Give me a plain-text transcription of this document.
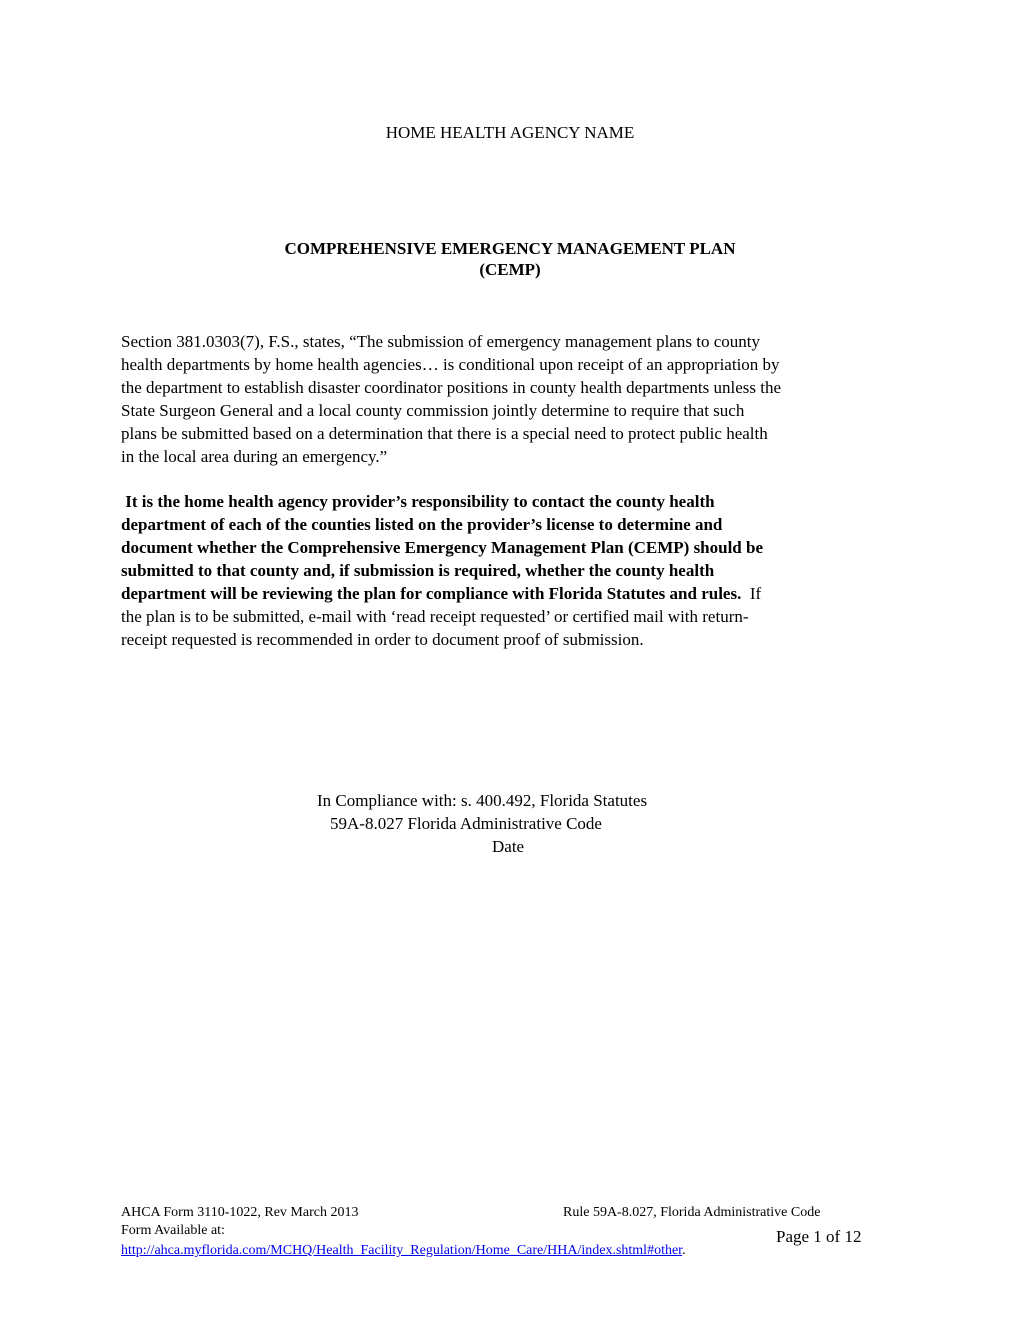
HOME HEALTH AGENCY NAME
COMPREHENSIVE EMERGENCY MANAGEMENT PLAN
(CEMP)
Section 381.0303(7), F.S., states, “The submission of emergency management plans to county
health departments by home health agencies… is conditional upon receipt of an appropriation by
the department to establish disaster coordinator positions in county health departments unless the
State Surgeon General and a local county commission jointly determine to require that such
plans be submitted based on a determination that there is a special need to protect public health
in the local area during an emergency.”
It is the home health agency provider’s responsibility to contact the county health
department of each of the counties listed on the provider’s license to determine and
document whether the Comprehensive Emergency Management Plan (CEMP) should be
submitted to that county and, if submission is required, whether the county health
department will be reviewing the plan for compliance with Florida Statutes and rules.  If
the plan is to be submitted, e-mail with ‘read receipt requested’ or certified mail with return-
receipt requested is recommended in order to document proof of submission.
In Compliance with: s. 400.492, Florida Statutes
59A-8.027 Florida Administrative Code
Date
AHCA Form 3110-1022, Rev March 2013	Rule 59A-8.027, Florida Administrative Code
Form Available at:	Page 1 of 12
http://ahca.myflorida.com/MCHQ/Health_Facility_Regulation/Home_Care/HHA/index.shtml#other.
